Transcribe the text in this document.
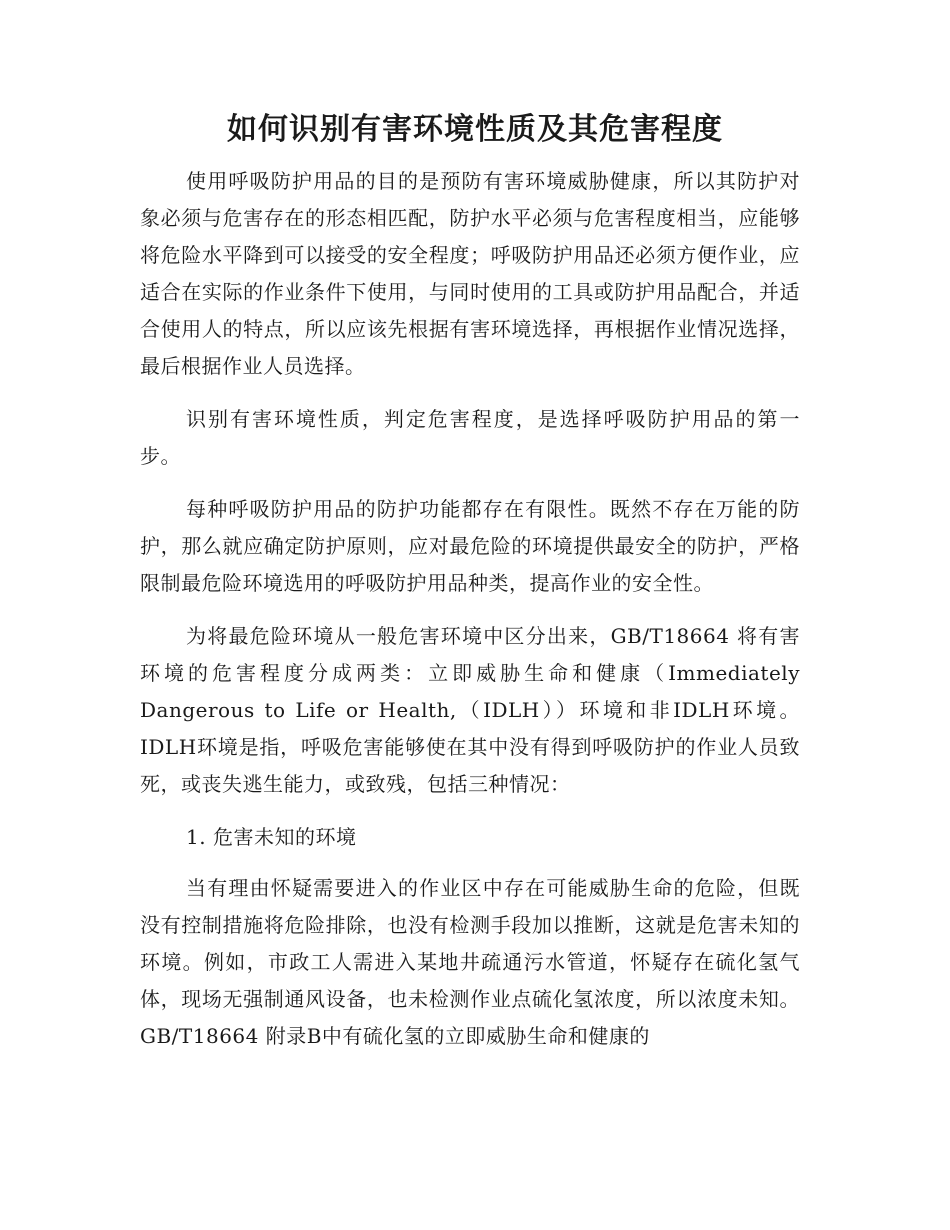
如何识别有害环境性质及其危害程度

使用呼吸防护用品的目的是预防有害环境威胁健康，所以其防护对象必须与危害存在的形态相匹配，防护水平必须与危害程度相当，应能够将危险水平降到可以接受的安全程度；呼吸防护用品还必须方便作业，应适合在实际的作业条件下使用，与同时使用的工具或防护用品配合，并适合使用人的特点，所以应该先根据有害环境选择，再根据作业情况选择，最后根据作业人员选择。

识别有害环境性质，判定危害程度，是选择呼吸防护用品的第一步。

每种呼吸防护用品的防护功能都存在有限性。既然不存在万能的防护，那么就应确定防护原则，应对最危险的环境提供最安全的防护，严格限制最危险环境选用的呼吸防护用品种类，提高作业的安全性。

为将最危险环境从一般危害环境中区分出来，GB/T18664 将有害环境的危害程度分成两类：立即威胁生命和健康（Immediately Dangerous to Life or Health,（IDLH））环境和非IDLH环境。IDLH环境是指，呼吸危害能够使在其中没有得到呼吸防护的作业人员致死，或丧失逃生能力，或致残，包括三种情况：

1. 危害未知的环境

当有理由怀疑需要进入的作业区中存在可能威胁生命的危险，但既没有控制措施将危险排除，也没有检测手段加以推断，这就是危害未知的环境。例如，市政工人需进入某地井疏通污水管道，怀疑存在硫化氢气体，现场无强制通风设备，也未检测作业点硫化氢浓度，所以浓度未知。GB/T18664 附录B中有硫化氢的立即威胁生命和健康的
